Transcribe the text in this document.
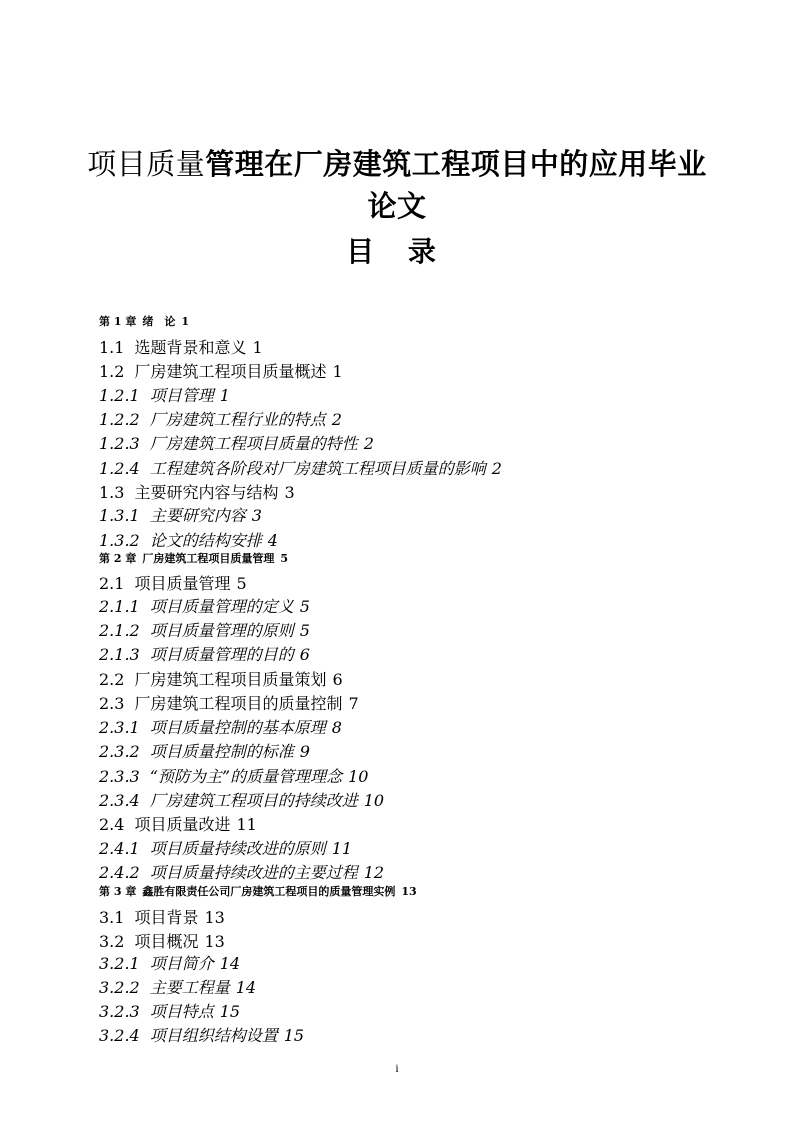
项目质量管理在厂房建筑工程项目中的应用毕业
论文
目 录
第 1 章 绪　论 1
1.1 选题背景和意义 1
1.2 厂房建筑工程项目质量概述 1
1.2.1 项目管理 1
1.2.2 厂房建筑工程行业的特点 2
1.2.3 厂房建筑工程项目质量的特性 2
1.2.4 工程建筑各阶段对厂房建筑工程项目质量的影响 2
1.3 主要研究内容与结构 3
1.3.1 主要研究内容 3
1.3.2 论文的结构安排 4
第 2 章 厂房建筑工程项目质量管理 5
2.1 项目质量管理 5
2.1.1 项目质量管理的定义 5
2.1.2 项目质量管理的原则 5
2.1.3 项目质量管理的目的 6
2.2 厂房建筑工程项目质量策划 6
2.3 厂房建筑工程项目的质量控制 7
2.3.1 项目质量控制的基本原理 8
2.3.2 项目质量控制的标准 9
2.3.3 “预防为主”的质量管理理念 10
2.3.4 厂房建筑工程项目的持续改进 10
2.4 项目质量改进 11
2.4.1 项目质量持续改进的原则 11
2.4.2 项目质量持续改进的主要过程 12
第 3 章 鑫胜有限责任公司厂房建筑工程项目的质量管理实例 13
3.1 项目背景 13
3.2 项目概况 13
3.2.1 项目简介 14
3.2.2 主要工程量 14
3.2.3 项目特点 15
3.2.4 项目组织结构设置 15
i
